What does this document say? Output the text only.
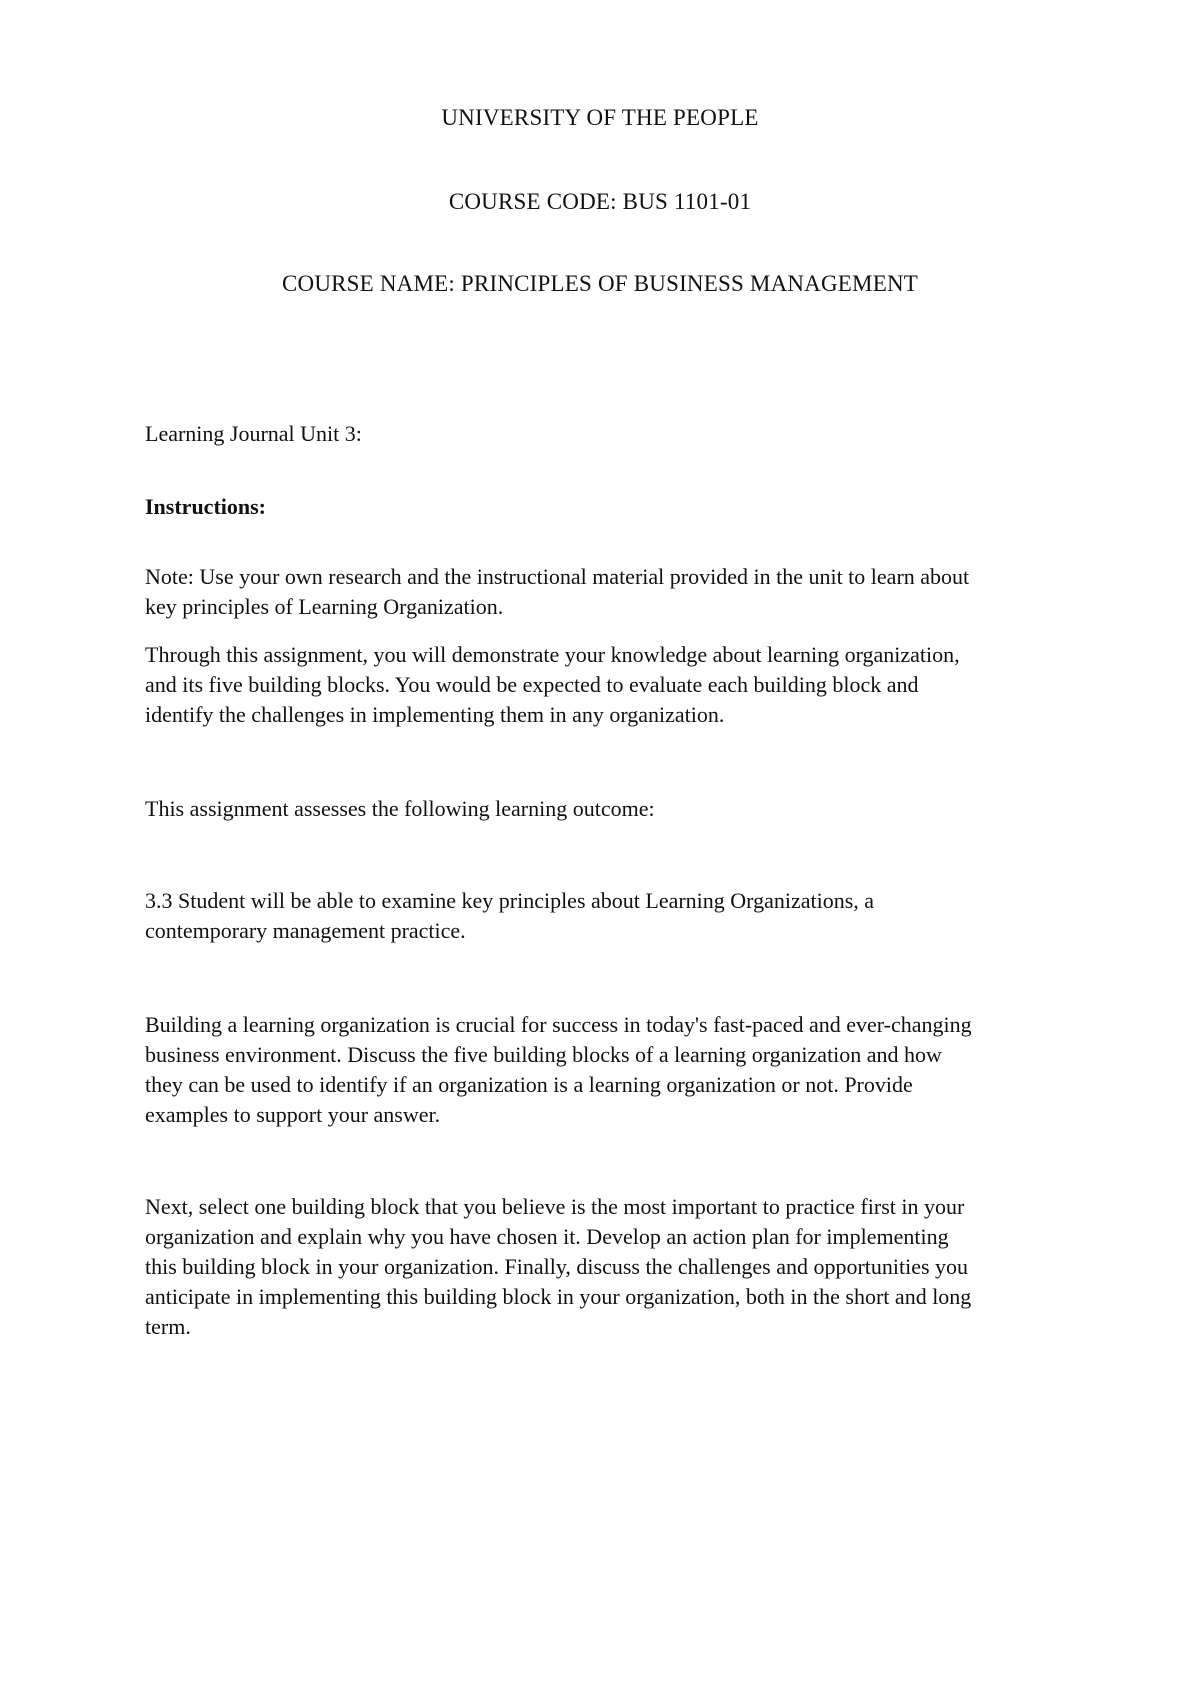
UNIVERSITY OF THE PEOPLE
COURSE CODE: BUS 1101-01
COURSE NAME: PRINCIPLES OF BUSINESS MANAGEMENT
Learning Journal Unit 3:
Instructions:
Note: Use your own research and the instructional material provided in the unit to learn about
key principles of Learning Organization.
Through this assignment, you will demonstrate your knowledge about learning organization,
and its five building blocks. You would be expected to evaluate each building block and
identify the challenges in implementing them in any organization.
This assignment assesses the following learning outcome:
3.3 Student will be able to examine key principles about Learning Organizations, a
contemporary management practice.
Building a learning organization is crucial for success in today's fast-paced and ever-changing
business environment. Discuss the five building blocks of a learning organization and how
they can be used to identify if an organization is a learning organization or not. Provide
examples to support your answer.
Next, select one building block that you believe is the most important to practice first in your
organization and explain why you have chosen it. Develop an action plan for implementing
this building block in your organization. Finally, discuss the challenges and opportunities you
anticipate in implementing this building block in your organization, both in the short and long
term.
